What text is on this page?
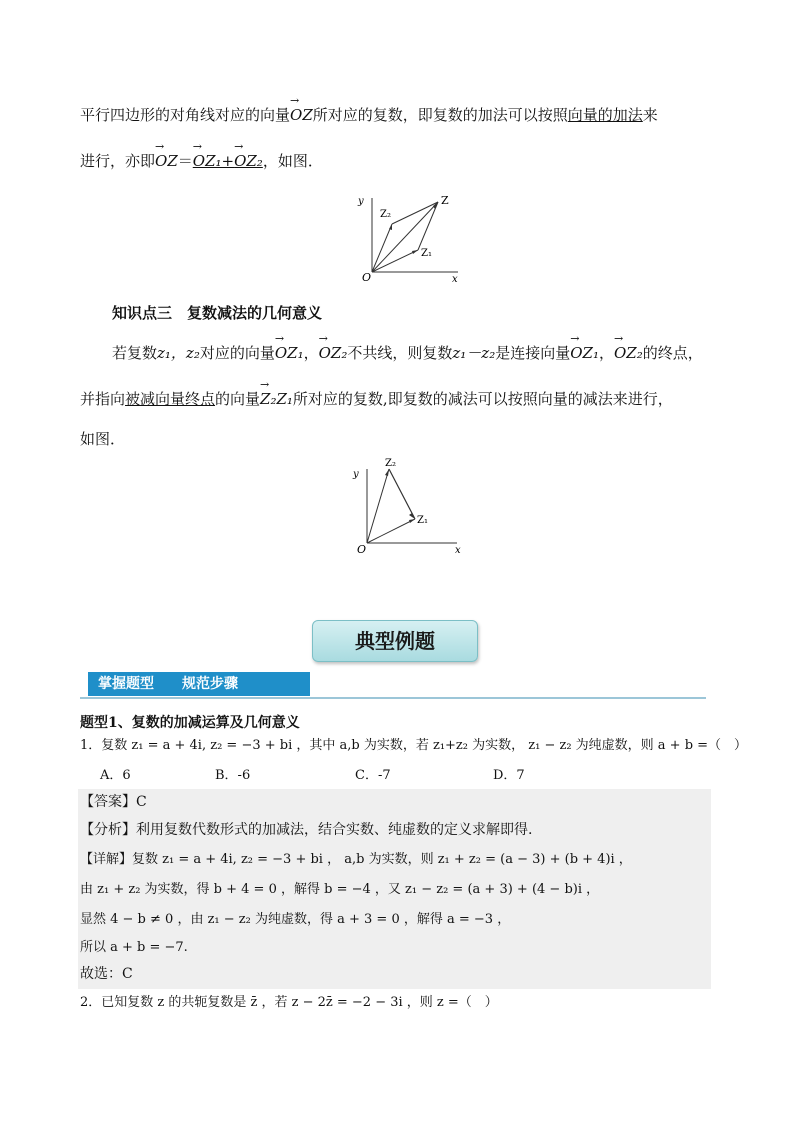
平行四边形的对角线对应的向量OZ →所对应的复数，即复数的加法可以按照向量的加法来
进行，亦即OZ →＝OZ₁ →+OZ₂ →，如图．
y
x
O
Z
Z₁
Z₂
知识点三　复数减法的几何意义
若复数z₁，z₂对应的向量OZ₁ →，OZ₂ →不共线，则复数z₁－z₂是连接向量OZ₁ →，OZ₂ →的终点，
并指向被减向量终点的向量Z₂Z₁ →所对应的复数,即复数的减法可以按照向量的减法来进行，
如图．
y
x
O
Z₁
Z₂
典型例题
掌握题型　　规范步骤
题型1、复数的加减运算及几何意义
1．复数 z₁ = a + 4i, z₂ = −3 + bi ，其中 a,b 为实数，若 z₁+z₂ 为实数， z₁ − z₂ 为纯虚数，则 a + b =（　）
A．6	B．-6	C．-7	D．7
【答案】C
【分析】利用复数代数形式的加减法，结合实数、纯虚数的定义求解即得.
【详解】复数 z₁ = a + 4i, z₂ = −3 + bi ， a,b 为实数，则 z₁ + z₂ = (a − 3) + (b + 4)i ，
由 z₁ + z₂ 为实数，得 b + 4 = 0 ，解得 b = −4 ，又 z₁ − z₂ = (a + 3) + (4 − b)i ，
显然 4 − b ≠ 0 ，由 z₁ − z₂ 为纯虚数，得 a + 3 = 0 ，解得 a = −3 ，
所以 a + b = −7.
故选：C
2．已知复数 z 的共轭复数是 z̄ ，若 z − 2z̄ = −2 − 3i ，则 z =（　）
